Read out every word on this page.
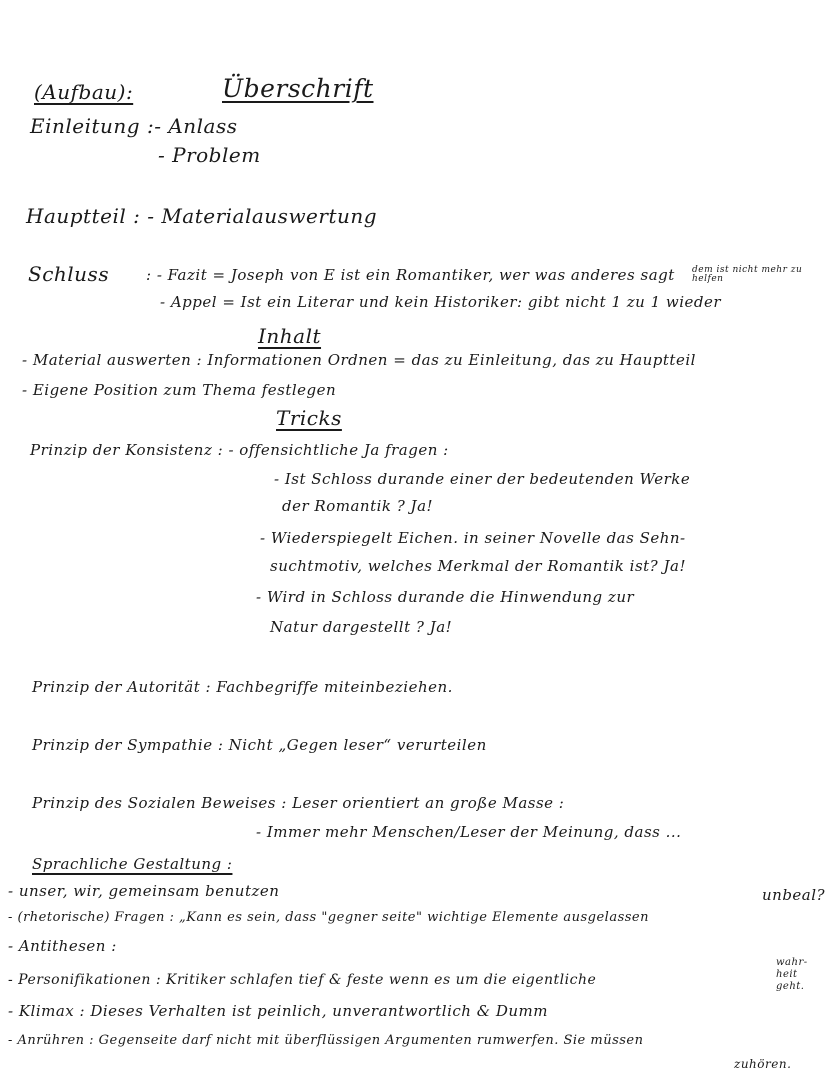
(Aufbau):	Überschrift
Einleitung :- Anlass
- Problem
Hauptteil : - Materialauswertung
Schluss : - Fazit = Joseph von E ist ein Romantiker, wer was anderes sagt dem ist nicht mehr zu helfen
- Appel = Ist ein Literar und kein Historiker: gibt nicht 1 zu 1 wieder
Inhalt
- Material auswerten : Informationen Ordnen = das zu Einleitung, das zu Hauptteil
- Eigene Position zum Thema festlegen
Tricks
Prinzip der Konsistenz : - offensichtliche Ja fragen :
- Ist Schloss durande einer der bedeutenden Werke
der Romantik ? Ja!
- Wiederspiegelt Eichen. in seiner Novelle das Sehn-
suchtmotiv, welches Merkmal der Romantik ist? Ja!
- Wird in Schloss durande die Hinwendung zur
Natur dargestellt ? Ja!
Prinzip der Autorität : Fachbegriffe miteinbeziehen.
Prinzip der Sympathie : Nicht „Gegen leser“ verurteilen
Prinzip des Sozialen Beweises : Leser orientiert an große Masse :
- Immer mehr Menschen/Leser der Meinung, dass ...
Sprachliche Gestaltung :
- unser, wir, gemeinsam benutzen	unbeal?
- (rhetorische) Fragen : „Kann es sein, dass "gegner seite" wichtige Elemente ausgelassen
- Antithesen :
- Personifikationen : Kritiker schlafen tief & feste wenn es um die eigentliche
wahr-
heit
geht.
- Klimax : Dieses Verhalten ist peinlich, unverantwortlich & Dumm
- Anrühren : Gegenseite darf nicht mit überflüssigen Argumenten rumwerfen. Sie müssen
zuhören.
